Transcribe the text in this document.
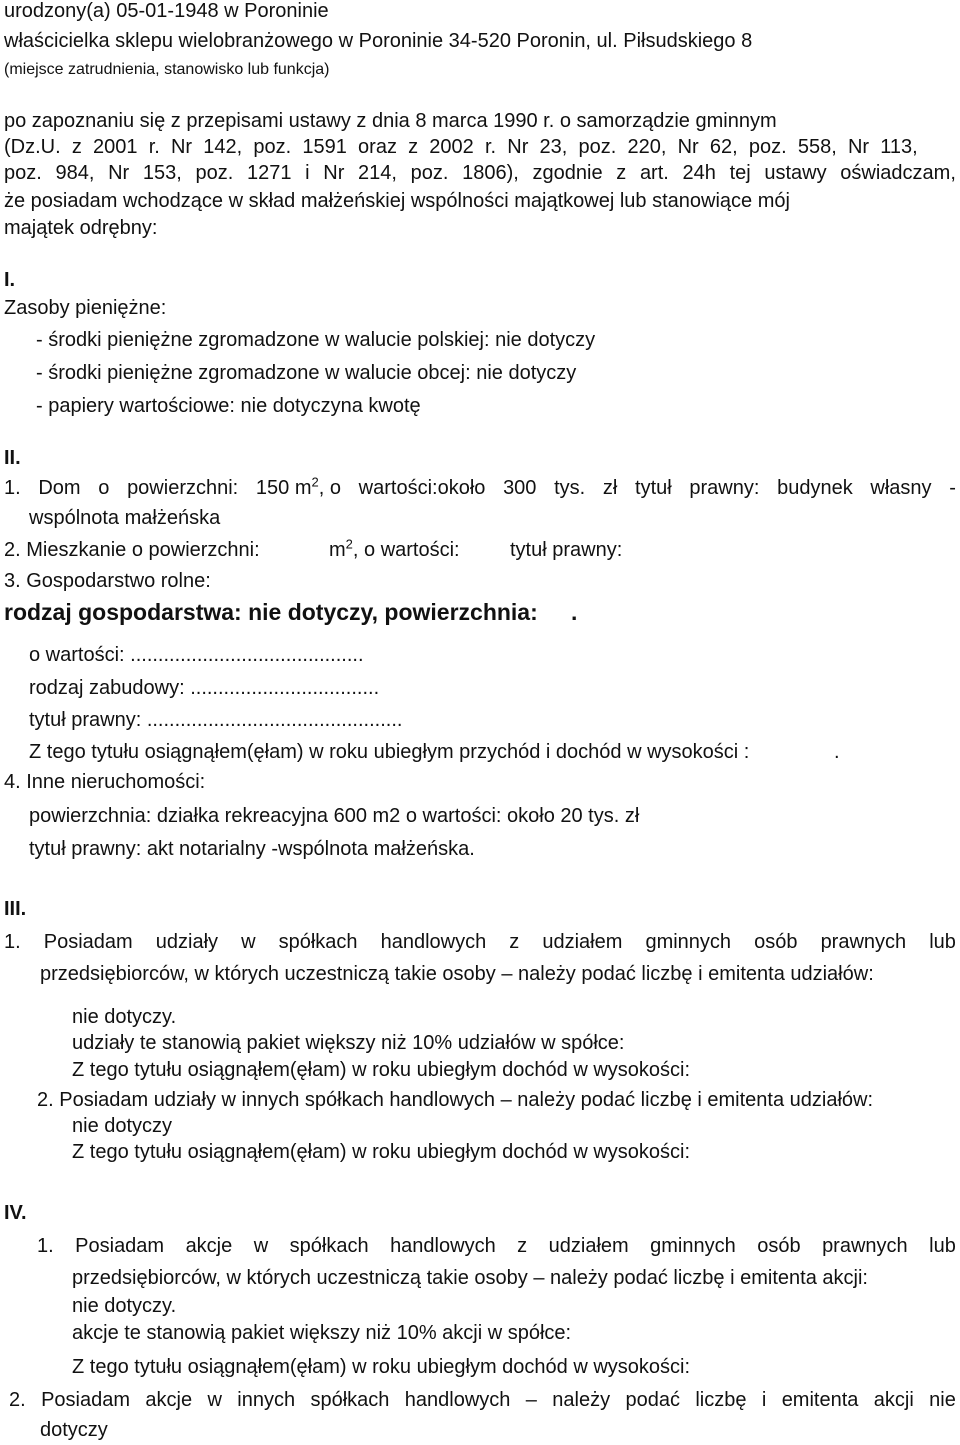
urodzony(a) 05-01-1948 w Poroninie
właścicielka sklepu wielobranżowego w Poroninie 34-520 Poronin, ul. Piłsudskiego 8
(miejsce zatrudnienia, stanowisko lub funkcja)
po zapoznaniu się z przepisami ustawy z dnia 8 marca 1990 r. o samorządzie gminnym
(Dz.U. z 2001 r. Nr 142, poz. 1591 oraz z 2002 r. Nr 23, poz. 220, Nr 62, poz. 558, Nr 113,
poz. 984, Nr 153, poz. 1271 i Nr 214, poz. 1806), zgodnie z art. 24h tej ustawy oświadczam,
że posiadam wchodzące w skład małżeńskiej wspólności majątkowej lub stanowiące mój
majątek odrębny:
I.
Zasoby pieniężne:
- środki pieniężne zgromadzone w walucie polskiej: nie dotyczy
- środki pieniężne zgromadzone w walucie obcej: nie dotyczy
- papiery wartościowe: nie dotyczyna kwotę
II.
1. Dom o powierzchni: 150 $m^2$, o wartości:około 300 tys. zł tytuł prawny: budynek własny -
wspólnota małżeńska
2. Mieszkanie o powierzchni:	$m^2$, o wartości:	tytuł prawny:
3. Gospodarstwo rolne:
rodzaj gospodarstwa: nie dotyczy, powierzchnia: .
o wartości: ..........................................
rodzaj zabudowy: ..................................
tytuł prawny: ..............................................
Z tego tytułu osiągnąłem(ęłam) w roku ubiegłym przychód i dochód w wysokości :	.
4. Inne nieruchomości:
powierzchnia: działka rekreacyjna 600 m2 o wartości: około 20 tys. zł
tytuł prawny: akt notarialny -wspólnota małżeńska.
III.
1. Posiadam udziały w spółkach handlowych z udziałem gminnych osób prawnych lub
przedsiębiorców, w których uczestniczą takie osoby – należy podać liczbę i emitenta udziałów:
nie dotyczy.
udziały te stanowią pakiet większy niż 10% udziałów w spółce:
Z tego tytułu osiągnąłem(ęłam) w roku ubiegłym dochód w wysokości:
2. Posiadam udziały w innych spółkach handlowych – należy podać liczbę i emitenta udziałów:
nie dotyczy
Z tego tytułu osiągnąłem(ęłam) w roku ubiegłym dochód w wysokości:
IV.
1. Posiadam akcje w spółkach handlowych z udziałem gminnych osób prawnych lub
przedsiębiorców, w których uczestniczą takie osoby – należy podać liczbę i emitenta akcji:
nie dotyczy.
akcje te stanowią pakiet większy niż 10% akcji w spółce:
Z tego tytułu osiągnąłem(ęłam) w roku ubiegłym dochód w wysokości:
2. Posiadam akcje w innych spółkach handlowych – należy podać liczbę i emitenta akcji nie
dotyczy
